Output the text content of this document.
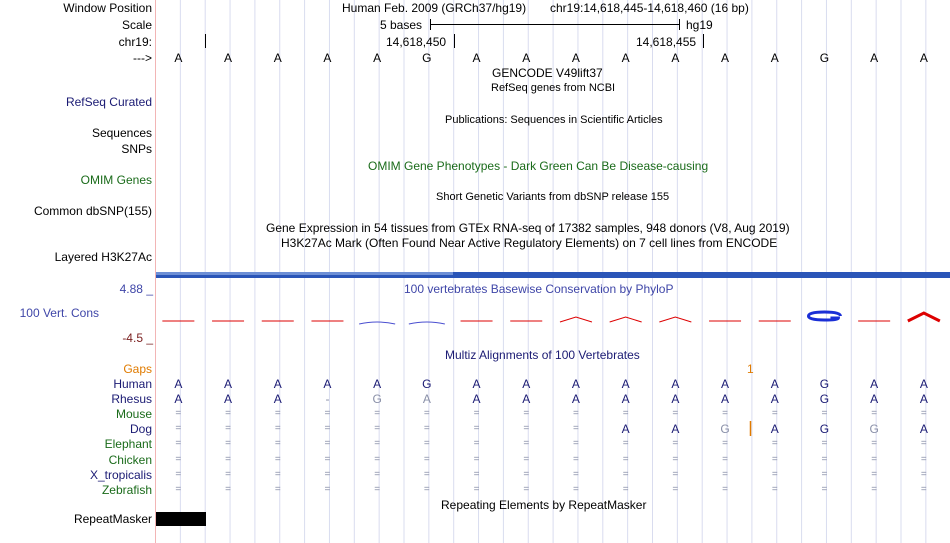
Window Position	Human Feb. 2009 (GRCh37/hg19) chr19:14,618,445-14,618,460 (16 bp)
Scale	5 bases	hg19
chr19:	14,618,450	14,618,455
--->	A	A	A	A	A	G	A	A	A	A	A	A	A	G	A	A
GENCODE V49lift37
RefSeq genes from NCBI
RefSeq Curated
Sequences
Publications: Sequences in Scientific Articles
SNPs
OMIM Gene Phenotypes - Dark Green Can Be Disease-causing
OMIM Genes
Short Genetic Variants from dbSNP release 155
Common dbSNP(155)
Gene Expression in 54 tissues from GTEx RNA-seq of 17382 samples, 948 donors (V8, Aug 2019)
H3K27Ac Mark (Often Found Near Active Regulatory Elements) on 7 cell lines from ENCODE
Layered H3K27Ac
100 vertebrates Basewise Conservation by PhyloP
4.88 _
100 Vert. Cons
-4.5 _
Multiz Alignments of 100 Vertebrates
Gaps	1
Human	A	A	A	A	A	G	A	A	A	A	A	A	A	G	A	A
Rhesus	A	A	A	-	G	A	A	A	A	A	A	A	A	G	A	A
Mouse	=	=	=	=	=	=	=	=	=	=	=	=	=	=	=	=
Dog	=	=	=	=	=	=	=	=	=	A	A	G	A	G	G	A
Elephant	=	=	=	=	=	=	=	=	=	=	=	=	=	=	=	=
Chicken	=	=	=	=	=	=	=	=	=	=	=	=	=	=	=	=
X_tropicalis	=	=	=	=	=	=	=	=	=	=	=	=	=	=	=	=
Zebrafish	=	=	=	=	=	=	=	=	=	=	=	=	=	=	=	=
Repeating Elements by RepeatMasker
RepeatMasker
